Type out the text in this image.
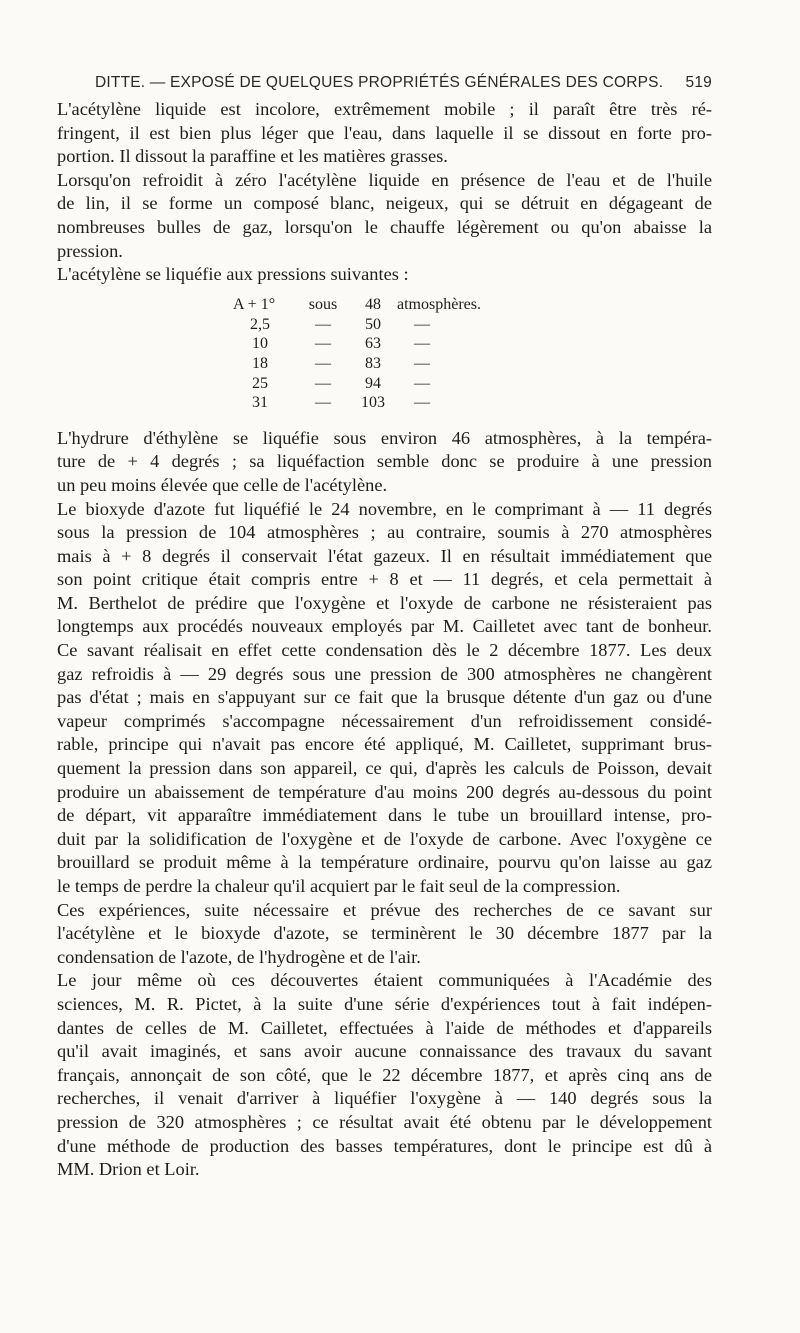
DITTE. — EXPOSÉ DE QUELQUES PROPRIÉTÉS GÉNÉRALES DES CORPS. 519
L'acétylène liquide est incolore, extrêmement mobile ; il paraît être très ré-
fringent, il est bien plus léger que l'eau, dans laquelle il se dissout en forte pro-
portion. Il dissout la paraffine et les matières grasses.
Lorsqu'on refroidit à zéro l'acétylène liquide en présence de l'eau et de l'huile
de lin, il se forme un composé blanc, neigeux, qui se détruit en dégageant de
nombreuses bulles de gaz, lorsqu'on le chauffe légèrement ou qu'on abaisse la
pression.
L'acétylène se liquéfie aux pressions suivantes :
A + 1°	sous	48	atmosphères.
2,5	—	50	—
10	—	63	—
18	—	83	—
25	—	94	—
31	—	103	—
L'hydrure d'éthylène se liquéfie sous environ 46 atmosphères, à la tempéra-
ture de + 4 degrés ; sa liquéfaction semble donc se produire à une pression
un peu moins élevée que celle de l'acétylène.
Le bioxyde d'azote fut liquéfié le 24 novembre, en le comprimant à — 11 degrés
sous la pression de 104 atmosphères ; au contraire, soumis à 270 atmosphères
mais à + 8 degrés il conservait l'état gazeux. Il en résultait immédiatement que
son point critique était compris entre + 8 et — 11 degrés, et cela permettait à
M. Berthelot de prédire que l'oxygène et l'oxyde de carbone ne résisteraient pas
longtemps aux procédés nouveaux employés par M. Cailletet avec tant de bonheur.
Ce savant réalisait en effet cette condensation dès le 2 décembre 1877. Les deux
gaz refroidis à — 29 degrés sous une pression de 300 atmosphères ne changèrent
pas d'état ; mais en s'appuyant sur ce fait que la brusque détente d'un gaz ou d'une
vapeur comprimés s'accompagne nécessairement d'un refroidissement considé-
rable, principe qui n'avait pas encore été appliqué, M. Cailletet, supprimant brus-
quement la pression dans son appareil, ce qui, d'après les calculs de Poisson, devait
produire un abaissement de température d'au moins 200 degrés au-dessous du point
de départ, vit apparaître immédiatement dans le tube un brouillard intense, pro-
duit par la solidification de l'oxygène et de l'oxyde de carbone. Avec l'oxygène ce
brouillard se produit même à la température ordinaire, pourvu qu'on laisse au gaz
le temps de perdre la chaleur qu'il acquiert par le fait seul de la compression.
Ces expériences, suite nécessaire et prévue des recherches de ce savant sur
l'acétylène et le bioxyde d'azote, se terminèrent le 30 décembre 1877 par la
condensation de l'azote, de l'hydrogène et de l'air.
Le jour même où ces découvertes étaient communiquées à l'Académie des
sciences, M. R. Pictet, à la suite d'une série d'expériences tout à fait indépen-
dantes de celles de M. Cailletet, effectuées à l'aide de méthodes et d'appareils
qu'il avait imaginés, et sans avoir aucune connaissance des travaux du savant
français, annonçait de son côté, que le 22 décembre 1877, et après cinq ans de
recherches, il venait d'arriver à liquéfier l'oxygène à — 140 degrés sous la
pression de 320 atmosphères ; ce résultat avait été obtenu par le développement
d'une méthode de production des basses températures, dont le principe est dû à
MM. Drion et Loir.
